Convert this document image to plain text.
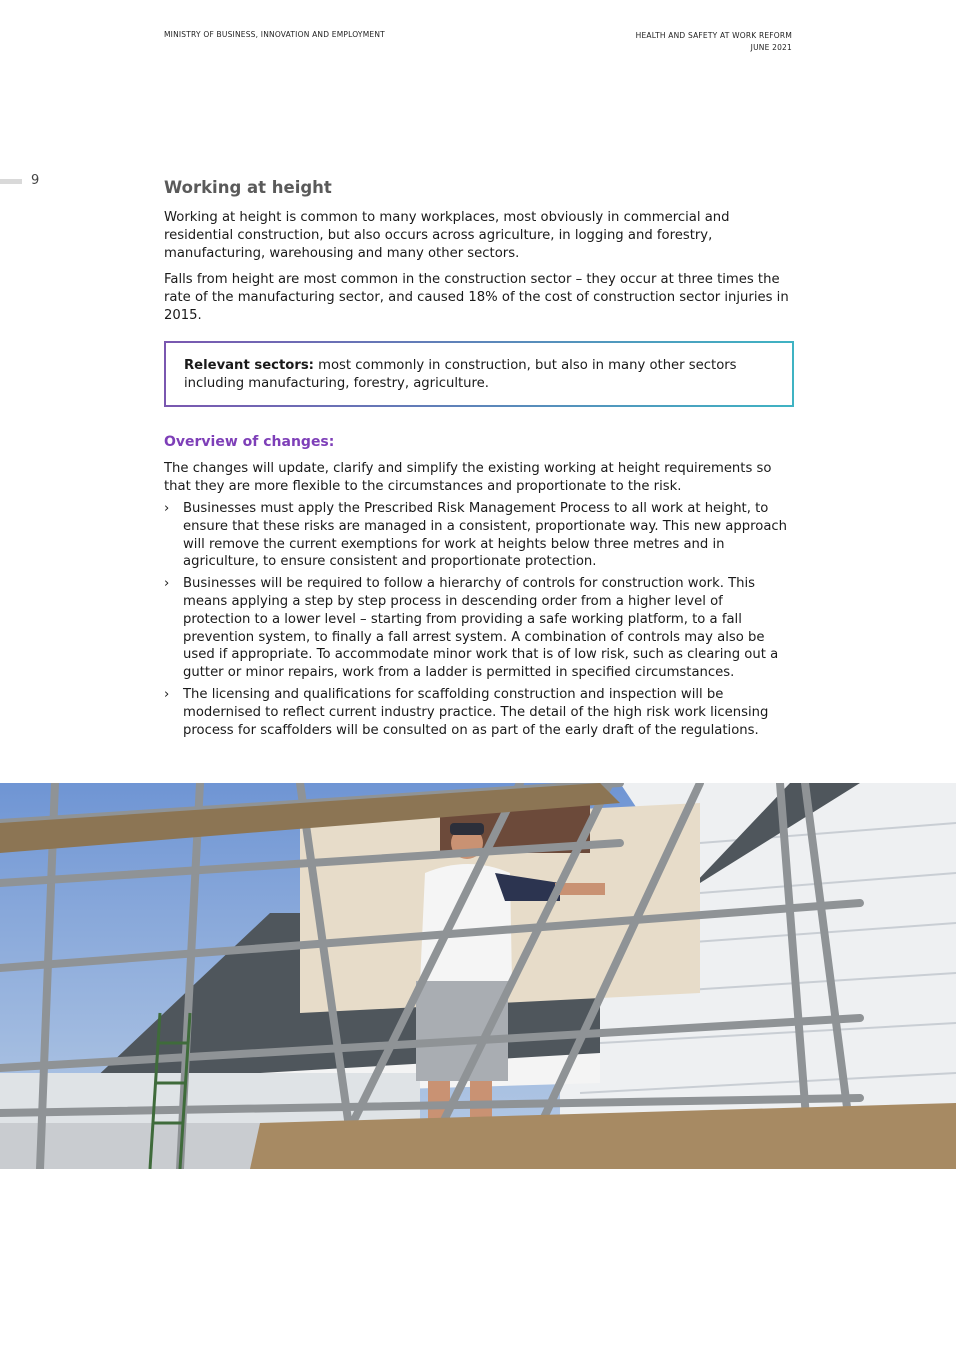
MINISTRY OF BUSINESS, INNOVATION AND EMPLOYMENT	HEALTH AND SAFETY AT WORK REFORM
JUNE 2021
9	Working at height

Working at height is common to many workplaces, most obviously in commercial and residential construction, but also occurs across agriculture, in logging and forestry, manufacturing, warehousing and many other sectors.

Falls from height are most common in the construction sector – they occur at three times the rate of the manufacturing sector, and caused 18% of the cost of construction sector injuries in 2015.

Relevant sectors: most commonly in construction, but also in many other sectors including manufacturing, forestry, agriculture.

Overview of changes:

The changes will update, clarify and simplify the existing working at height requirements so that they are more flexible to the circumstances and proportionate to the risk.

› Businesses must apply the Prescribed Risk Management Process to all work at height, to ensure that these risks are managed in a consistent, proportionate way. This new approach will remove the current exemptions for work at heights below three metres and in agriculture, to ensure consistent and proportionate protection.
› Businesses will be required to follow a hierarchy of controls for construction work. This means applying a step by step process in descending order from a higher level of protection to a lower level – starting from providing a safe working platform, to a fall prevention system, to finally a fall arrest system. A combination of controls may also be used if appropriate. To accommodate minor work that is of low risk, such as clearing out a gutter or minor repairs, work from a ladder is permitted in specified circumstances.
› The licensing and qualifications for scaffolding construction and inspection will be modernised to reflect current industry practice. The detail of the high risk work licensing process for scaffolders will be consulted on as part of the early draft of the regulations.
